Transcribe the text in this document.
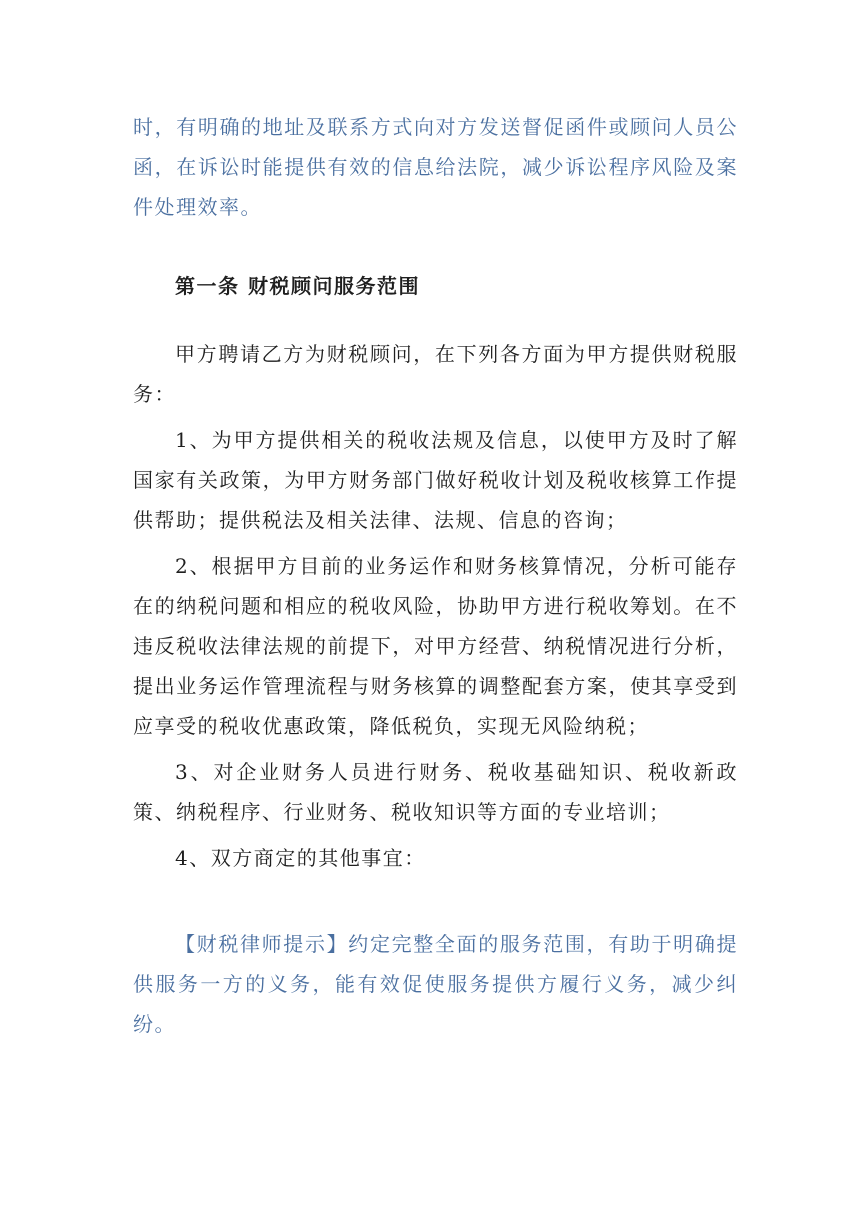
时，有明确的地址及联系方式向对方发送督促函件或顾问人员公函，在诉讼时能提供有效的信息给法院，减少诉讼程序风险及案件处理效率。
第一条 财税顾问服务范围

甲方聘请乙方为财税顾问，在下列各方面为甲方提供财税服务：

1、为甲方提供相关的税收法规及信息，以使甲方及时了解国家有关政策，为甲方财务部门做好税收计划及税收核算工作提供帮助；提供税法及相关法律、法规、信息的咨询；

2、根据甲方目前的业务运作和财务核算情况，分析可能存在的纳税问题和相应的税收风险，协助甲方进行税收筹划。在不违反税收法律法规的前提下，对甲方经营、纳税情况进行分析，提出业务运作管理流程与财务核算的调整配套方案，使其享受到应享受的税收优惠政策，降低税负，实现无风险纳税；

3、对企业财务人员进行财务、税收基础知识、税收新政策、纳税程序、行业财务、税收知识等方面的专业培训；

4、双方商定的其他事宜：

【财税律师提示】约定完整全面的服务范围，有助于明确提供服务一方的义务，能有效促使服务提供方履行义务，减少纠纷。
